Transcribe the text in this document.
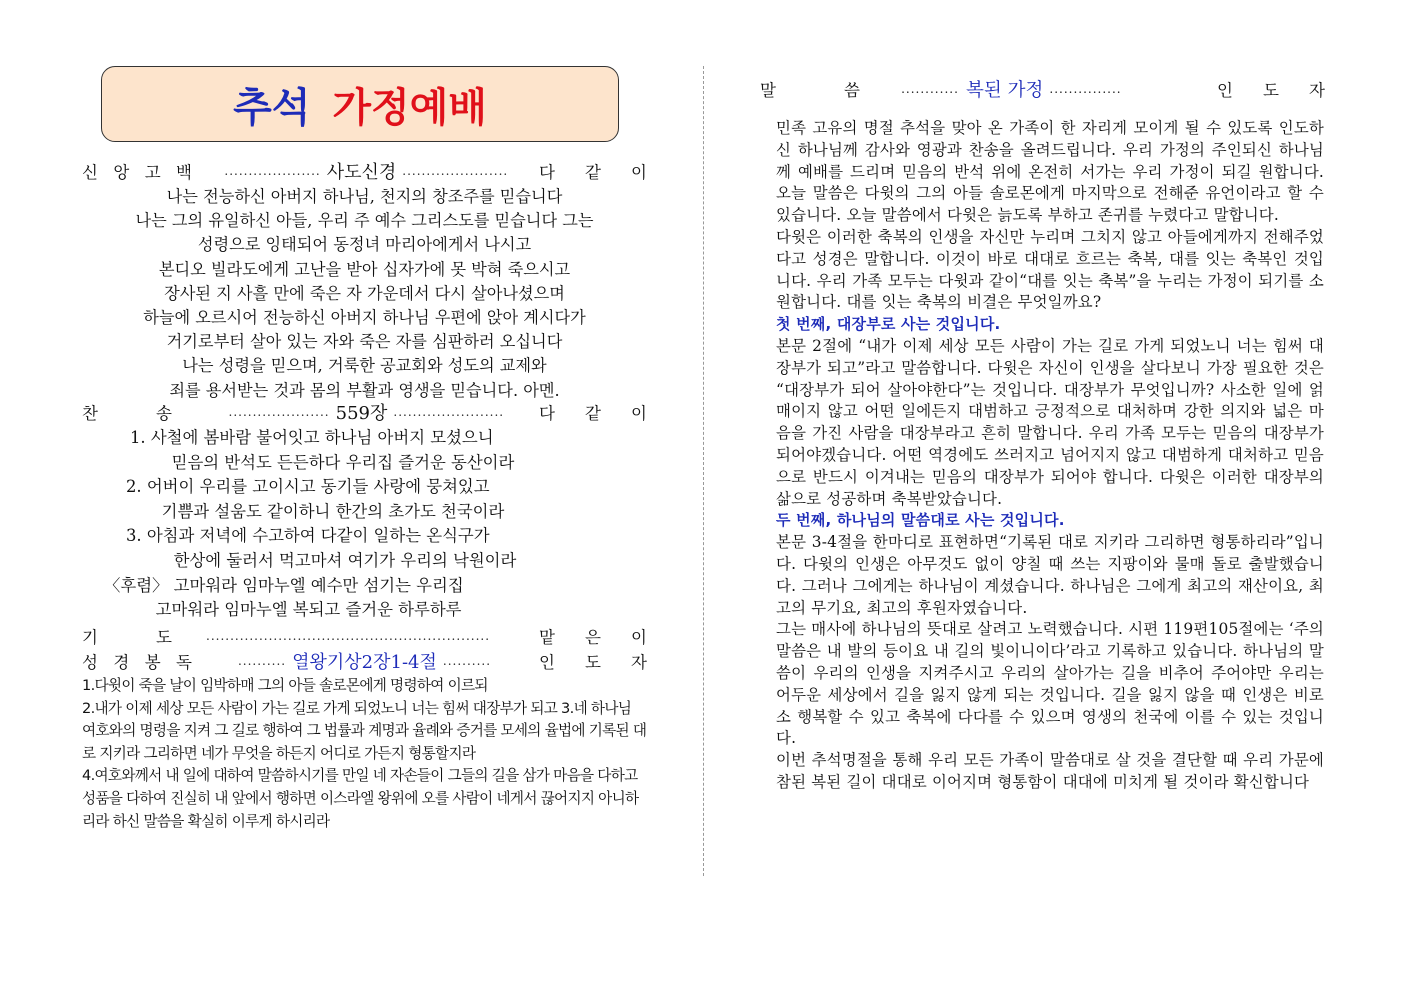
추석 가정예배
신 앙 고 백	.................... 사도신경 ......................	다 같 이
나는 전능하신 아버지 하나님, 천지의 창조주를 믿습니다
나는 그의 유일하신 아들, 우리 주 예수 그리스도를 믿습니다 그는
성령으로 잉태되어 동정녀 마리아에게서 나시고
본디오 빌라도에게 고난을 받아 십자가에 못 박혀 죽으시고
장사된 지 사흘 만에 죽은 자 가운데서 다시 살아나셨으며
하늘에 오르시어 전능하신 아버지 하나님 우편에 앉아 계시다가
거기로부터 살아 있는 자와 죽은 자를 심판하러 오십니다
나는 성령을 믿으며, 거룩한 공교회와 성도의 교제와
죄를 용서받는 것과 몸의 부활과 영생을 믿습니다. 아멘.
찬	송	..................... 559장 .......................	다 같 이
1. 사철에 봄바람 불어잇고 하나님 아버지 모셨으니
믿음의 반석도 든든하다 우리집 즐거운 동산이라
2. 어버이 우리를 고이시고 동기들 사랑에 뭉쳐있고
기쁨과 설움도 같이하니 한간의 초가도 천국이라
3. 아침과 저녁에 수고하여 다같이 일하는 온식구가
한상에 둘러서 먹고마셔 여기가 우리의 낙원이라
〈후렴〉 고마워라 임마누엘 예수만 섬기는 우리집
고마워라 임마누엘 복되고 즐거운 하루하루
기	도	...........................................................	맡 은 이
성 경 봉 독	.......... 열왕기상2장1-4절 ..........	인 도 자
1.다윗이 죽을 날이 임박하매 그의 아들 솔로몬에게 명령하여 이르되
2.내가 이제 세상 모든 사람이 가는 길로 가게 되었노니 너는 힘써 대장부가 되고 3.네 하나님 여호와의 명령을 지켜 그 길로 행하여 그 법률과 계명과 율례와 증거를 모세의 율법에 기록된 대로 지키라 그리하면 네가 무엇을 하든지 어디로 가든지 형통할지라
4.여호와께서 내 일에 대하여 말씀하시기를 만일 네 자손들이 그들의 길을 삼가 마음을 다하고 성품을 다하여 진실히 내 앞에서 행하면 이스라엘 왕위에 오를 사람이 네게서 끊어지지 아니하리라 하신 말씀을 확실히 이루게 하시리라
말	씀	............ 복된 가정 ...............	인 도 자

민족 고유의 명절 추석을 맞아 온 가족이 한 자리게 모이게 될 수 있도록 인도하신 하나님께 감사와 영광과 찬송을 올려드립니다. 우리 가정의 주인되신 하나님께 예배를 드리며 믿음의 반석 위에 온전히 서가는 우리 가정이 되길 원합니다. 오늘 말씀은 다윗의 그의 아들 솔로몬에게 마지막으로 전해준 유언이라고 할 수 있습니다. 오늘 말씀에서 다윗은 늙도록 부하고 존귀를 누렸다고 말합니다.

다윗은 이러한 축복의 인생을 자신만 누리며 그치지 않고 아들에게까지 전해주었다고 성경은 말합니다. 이것이 바로 대대로 흐르는 축복, 대를 잇는 축복인 것입니다. 우리 가족 모두는 다윗과 같이“대를 잇는 축복”을 누리는 가정이 되기를 소원합니다. 대를 잇는 축복의 비결은 무엇일까요?

첫 번째, 대장부로 사는 것입니다.

본문 2절에 “내가 이제 세상 모든 사람이 가는 길로 가게 되었노니 너는 힘써 대장부가 되고”라고 말씀합니다. 다윗은 자신이 인생을 살다보니 가장 필요한 것은 “대장부가 되어 살아야한다”는 것입니다. 대장부가 무엇입니까? 사소한 일에 얽매이지 않고 어떤 일에든지 대범하고 긍정적으로 대처하며 강한 의지와 넓은 마음을 가진 사람을 대장부라고 흔히 말합니다. 우리 가족 모두는 믿음의 대장부가 되어야겠습니다. 어떤 역경에도 쓰러지고 넘어지지 않고 대범하게 대처하고 믿음으로 반드시 이겨내는 믿음의 대장부가 되어야 합니다. 다윗은 이러한 대장부의 삶으로 성공하며 축복받았습니다.

두 번째, 하나님의 말씀대로 사는 것입니다.

본문 3-4절을 한마디로 표현하면“기록된 대로 지키라 그리하면 형통하리라”입니다. 다윗의 인생은 아무것도 없이 양칠 때 쓰는 지팡이와 물매 돌로 출발했습니다. 그러나 그에게는 하나님이 계셨습니다. 하나님은 그에게 최고의 재산이요, 최고의 무기요, 최고의 후원자였습니다.

그는 매사에 하나님의 뜻대로 살려고 노력했습니다. 시편 119편105절에는 ‘주의 말씀은 내 발의 등이요 내 길의 빛이니이다’라고 기록하고 있습니다. 하나님의 말씀이 우리의 인생을 지켜주시고 우리의 살아가는 길을 비추어 주어야만 우리는 어두운 세상에서 길을 잃지 않게 되는 것입니다. 길을 잃지 않을 때 인생은 비로소 행복할 수 있고 축복에 다다를 수 있으며 영생의 천국에 이를 수 있는 것입니다.

이번 추석명절을 통해 우리 모든 가족이 말씀대로 살 것을 결단할 때 우리 가문에 참된 복된 길이 대대로 이어지며 형통함이 대대에 미치게 될 것이라 확신합니다
